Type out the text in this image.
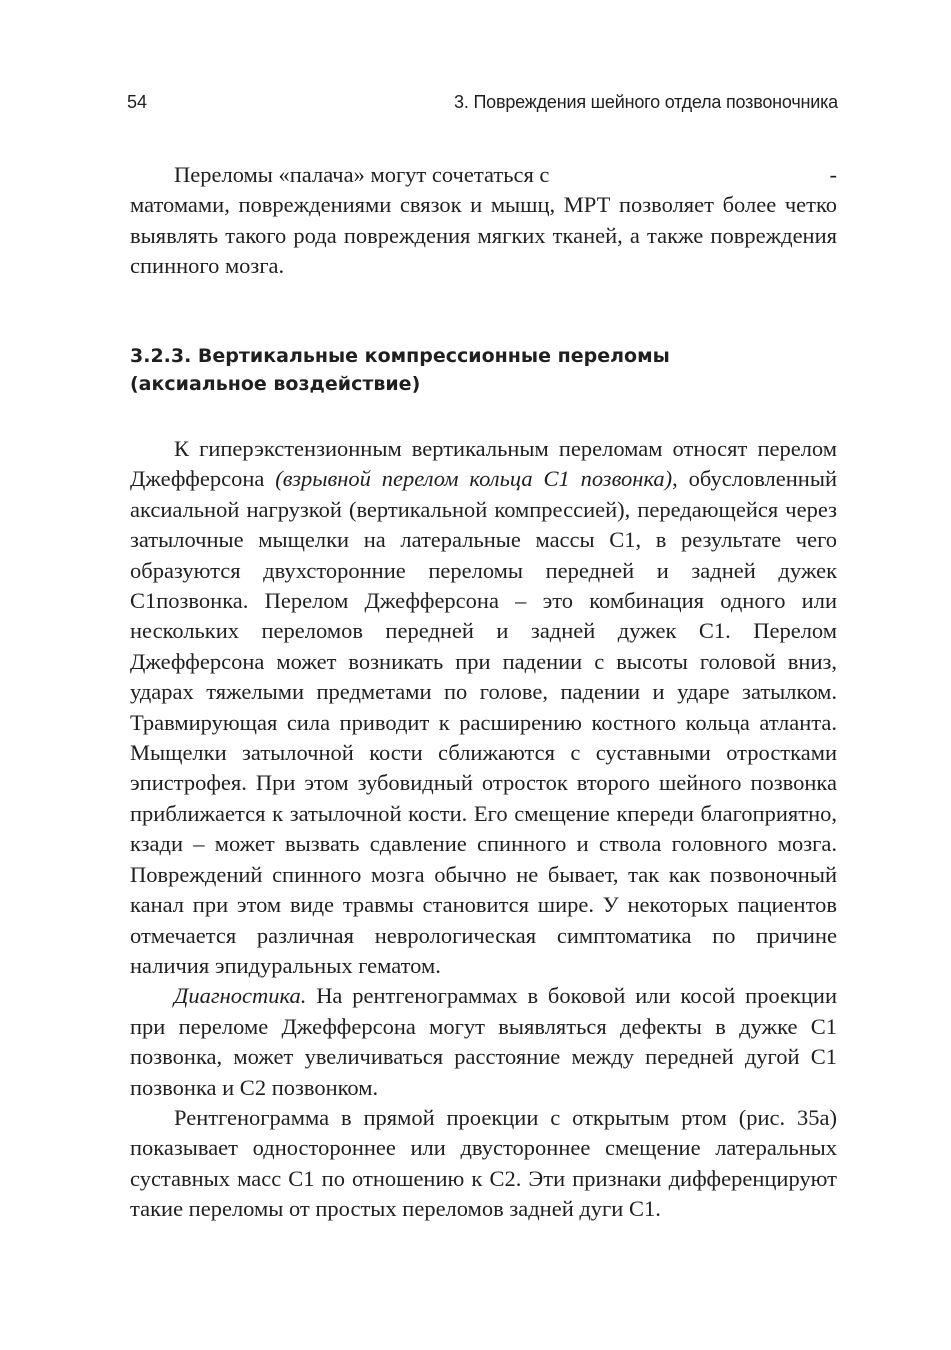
54	3. Повреждения шейного отдела позвоночника
Переломы «палача» могут сочетаться с	-

матомами, повреждениями связок и мышц, МРТ позволяет более четко выявлять такого рода повреждения мягких тканей, а также повреждения спинного мозга.

3.2.3. Вертикальные компрессионные переломы
(аксиальное воздействие)

К гиперэкстензионным вертикальным переломам относят перелом Джефферсона (взрывной перелом кольца С1 позвонка), обусловленный аксиальной нагрузкой (вертикальной компрессией), передающейся через затылочные мыщелки на латеральные массы С1, в результате чего образуются двухсторонние переломы передней и задней дужек С1позвонка. Перелом Джефферсона – это комбинация одного или нескольких переломов передней и задней дужек С1. Перелом Джефферсона может возникать при падении с высоты головой вниз, ударах тяжелыми предметами по голове, падении и ударе затылком. Травмирующая сила приводит к расширению костного кольца атланта. Мыщелки затылочной кости сближаются с суставными отростками эпистрофея. При этом зубовидный отросток второго шейного позвонка приближается к затылочной кости. Его смещение кпереди благоприятно, кзади – может вызвать сдавление спинного и ствола головного мозга. Повреждений спинного мозга обычно не бывает, так как позвоночный канал при этом виде травмы становится шире. У некоторых пациентов отмечается различная неврологическая симптоматика по причине наличия эпидуральных гематом.

Диагностика. На рентгенограммах в боковой или косой проекции при переломе Джефферсона могут выявляться дефекты в дужке С1 позвонка, может увеличиваться расстояние между передней дугой С1 позвонка и С2 позвонком.

Рентгенограмма в прямой проекции с открытым ртом (рис. 35а) показывает одностороннее или двустороннее смещение латеральных суставных масс С1 по отношению к С2. Эти признаки дифференцируют такие переломы от простых переломов задней дуги С1.
